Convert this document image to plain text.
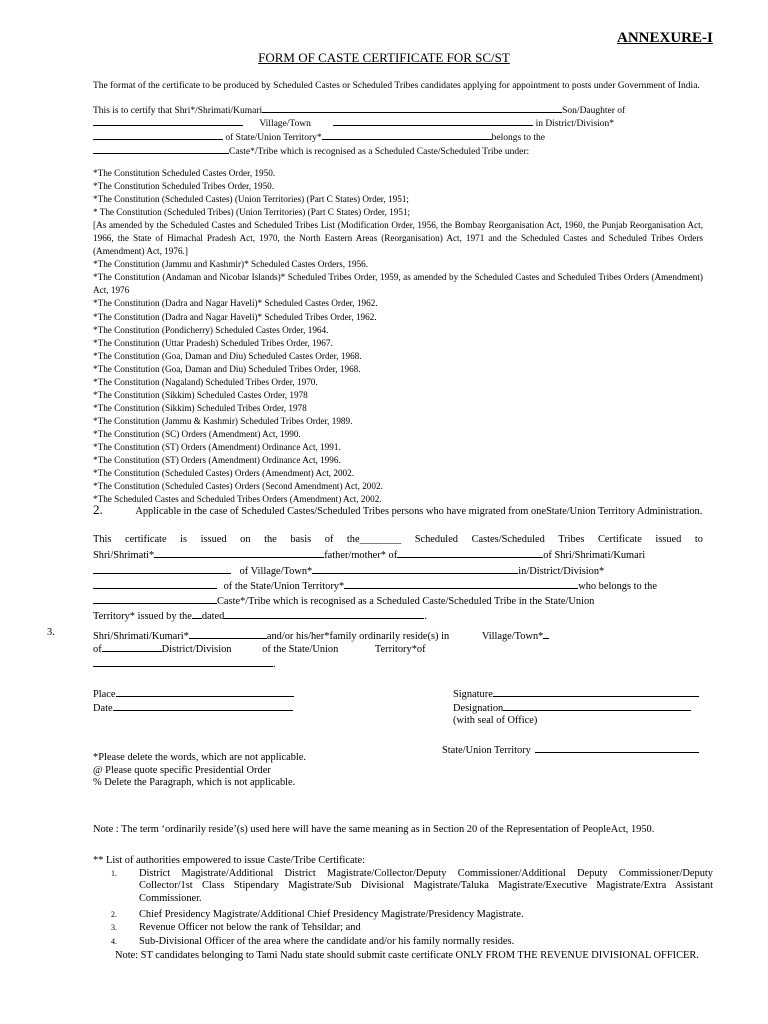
ANNEXURE-I
FORM OF CASTE CERTIFICATE FOR SC/ST
The format of the certificate to be produced by Scheduled Castes or Scheduled Tribes candidates applying for appointment to posts under Government of India.
This is to certify that Shri*/Shrimati/Kumari	Son/Daughter of
Village/Town	in District/Division*
of State/Union Territory*	belongs to the
Caste*/Tribe which is recognised as a Scheduled Caste/Scheduled Tribe under:
*The Constitution Scheduled Castes Order, 1950.
*The Constitution Scheduled Tribes Order, 1950.
*The Constitution (Scheduled Castes) (Union Territories) (Part C States) Order, 1951;
* The Constitution (Scheduled Tribes) (Union Territories) (Part C States) Order, 1951;
[As amended by the Scheduled Castes and Scheduled Tribes List (Modification Order, 1956, the Bombay Reorganisation Act, 1960, the Punjab Reorganisation Act, 1966, the State of Himachal Pradesh Act, 1970, the North Eastern Areas (Reorganisation) Act, 1971 and the Scheduled Castes and Scheduled Tribes Orders (Amendment) Act, 1976.]
*The Constitution (Jammu and Kashmir)* Scheduled Castes Orders, 1956.
*The Constitution (Andaman and Nicobar Islands)* Scheduled Tribes Order, 1959, as amended by the Scheduled Castes and Scheduled Tribes Orders (Amendment) Act, 1976
*The Constitution (Dadra and Nagar Haveli)* Scheduled Castes Order, 1962.
*The Constitution (Dadra and Nagar Haveli)* Scheduled Tribes Order, 1962.
*The Constitution (Pondicherry) Scheduled Castes Order, 1964.
*The Constitution (Uttar Pradesh) Scheduled Tribes Order, 1967.
*The Constitution (Goa, Daman and Diu) Scheduled Castes Order, 1968.
*The Constitution (Goa, Daman and Diu) Scheduled Tribes Order, 1968.
*The Constitution (Nagaland) Scheduled Tribes Order, 1970.
*The Constitution (Sikkim) Scheduled Castes Order, 1978
*The Constitution (Sikkim) Scheduled Tribes Order, 1978
*The Constitution (Jammu & Kashmir) Scheduled Tribes Order, 1989.
*The Constitution (SC) Orders (Amendment) Act, 1990.
*The Constitution (ST) Orders (Amendment) Ordinance Act, 1991.
*The Constitution (ST) Orders (Amendment) Ordinance Act, 1996.
*The Constitution (Scheduled Castes) Orders (Amendment) Act, 2002.
*The Constitution (Scheduled Castes) Orders (Second Amendment) Act, 2002.
*The Scheduled Castes and Scheduled Tribes Orders (Amendment) Act, 2002.
2.	Applicable in the case of Scheduled Castes/Scheduled Tribes persons who have migrated from oneState/Union Territory Administration.
This certificate is issued on the basis of the________ Scheduled Castes/Scheduled Tribes Certificate issued to
Shri/Shrimati*	father/mother* of	of Shri/Shrimati/Kumari
of Village/Town*	in/District/Division*
of the State/Union Territory*	who belongs to the
Caste*/Tribe which is recognised as a Scheduled Caste/Scheduled Tribe in the State/Union
Territory* issued by the dated	.
3.	Shri/Shrimati/Kumari*	and/or his/her*family ordinarily reside(s) in	Village/Town*
of	District/Division	of the State/Union	Territory*of
.
Place
Date
Signature
Designation
(with seal of Office)
State/Union Territory
*Please delete the words, which are not applicable. @ Please quote specific Presidential Order
% Delete the Paragraph, which is not applicable.
Note : The term ‘ordinarily reside’(s) used here will have the same meaning as in Section 20 of the Representation of PeopleAct, 1950.
** List of authorities empowered to issue Caste/Tribe Certificate:
1. District Magistrate/Additional District Magistrate/Collector/Deputy Commissioner/Additional Deputy Commissioner/Deputy Collector/1st Class Stipendary Magistrate/Sub Divisional Magistrate/Taluka Magistrate/Executive Magistrate/Extra Assistant Commissioner.
2. Chief Presidency Magistrate/Additional Chief Presidency Magistrate/Presidency Magistrate.
3. Revenue Officer not below the rank of Tehsildar; and
4. Sub-Divisional Officer of the area where the candidate and/or his family normally resides.
Note: ST candidates belonging to Tami Nadu state should submit caste certificate ONLY FROM THE REVENUE DIVISIONAL OFFICER.
